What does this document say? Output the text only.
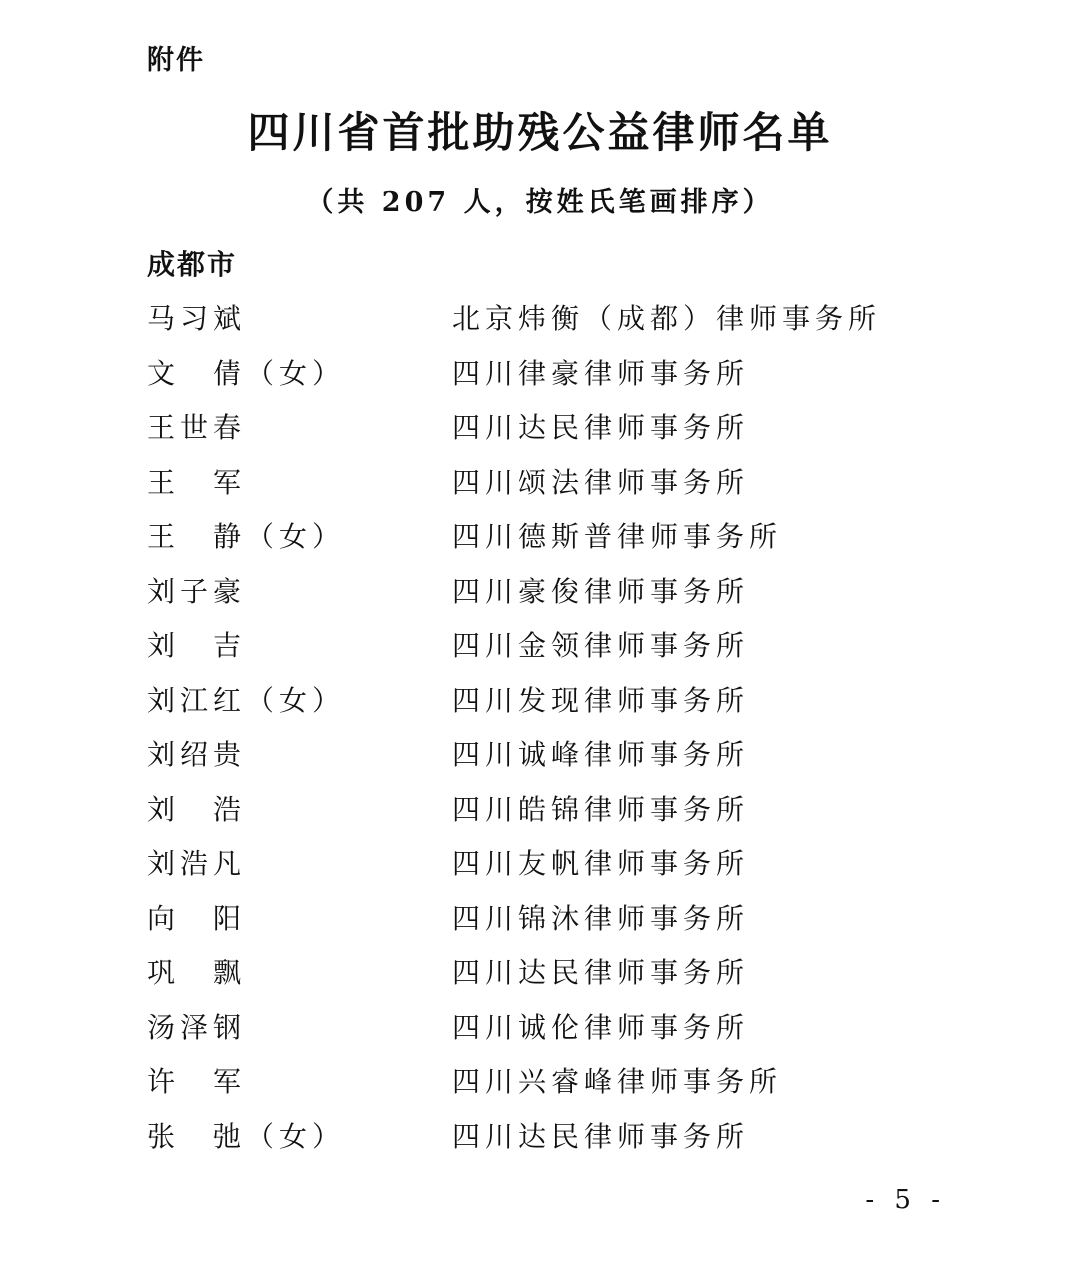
附件
四川省首批助残公益律师名单
（共 207 人，按姓氏笔画排序）
成都市
马习斌	北京炜衡（成都）律师事务所
文　倩（女）	四川律豪律师事务所
王世春	四川达民律师事务所
王　军	四川颂法律师事务所
王　静（女）	四川德斯普律师事务所
刘子豪	四川豪俊律师事务所
刘　吉	四川金领律师事务所
刘江红（女）	四川发现律师事务所
刘绍贵	四川诚峰律师事务所
刘　浩	四川皓锦律师事务所
刘浩凡	四川友帆律师事务所
向　阳	四川锦沐律师事务所
巩　飘	四川达民律师事务所
汤泽钢	四川诚伦律师事务所
许　军	四川兴睿峰律师事务所
张　弛（女）	四川达民律师事务所
- 5 -
